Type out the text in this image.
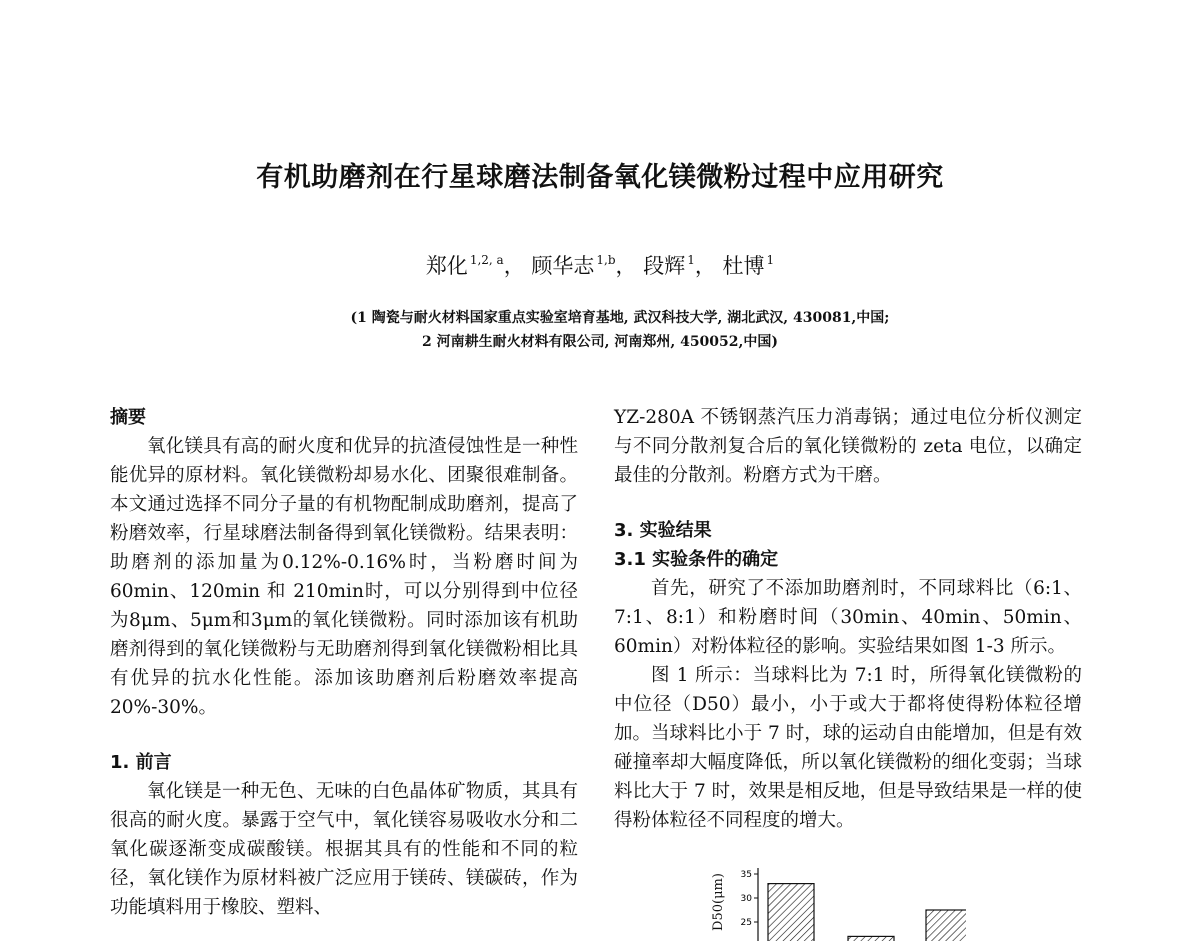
有机助磨剂在行星球磨法制备氧化镁微粉过程中应用研究
郑化 $^{1,2, a}$， 顾华志 $^{1,b}$， 段辉 $^1$， 杜博 $^1$
(1 陶瓷与耐火材料国家重点实验室培育基地, 武汉科技大学, 湖北武汉, 430081,中国;
2 河南耕生耐火材料有限公司, 河南郑州, 450052,中国)

摘要

氧化镁具有高的耐火度和优异的抗渣侵蚀性是一种性能优异的原材料。氧化镁微粉却易水化、团聚很难制备。本文通过选择不同分子量的有机物配制成助磨剂，提高了粉磨效率，行星球磨法制备得到氧化镁微粉。结果表明：助磨剂的添加量为0.12%-0.16%时，当粉磨时间为 60min、120min 和 210min时，可以分别得到中位径为8μm、5μm和3μm的氧化镁微粉。同时添加该有机助磨剂得到的氧化镁微粉与无助磨剂得到氧化镁微粉相比具有优异的抗水化性能。添加该助磨剂后粉磨效率提高20%-30%。

1. 前言

氧化镁是一种无色、无味的白色晶体矿物质，其具有很高的耐火度。暴露于空气中，氧化镁容易吸收水分和二氧化碳逐渐变成碳酸镁。根据其具有的性能和不同的粒径，氧化镁作为原材料被广泛应用于镁砖、镁碳砖，作为功能填料用于橡胶、塑料、

YZ-280A 不锈钢蒸汽压力消毒锅；通过电位分析仪测定与不同分散剂复合后的氧化镁微粉的 zeta 电位，以确定最佳的分散剂。粉磨方式为干磨。

3. 实验结果

3.1 实验条件的确定

首先，研究了不添加助磨剂时，不同球料比（6:1、7:1、8:1）和粉磨时间（30min、40min、50min、60min）对粉体粒径的影响。实验结果如图 1-3 所示。

图 1 所示：当球料比为 7:1 时，所得氧化镁微粉的中位径（D50）最小，小于或大于都将使得粉体粒径增加。当球料比小于 7 时，球的运动自由能增加，但是有效碰撞率却大幅度降低，所以氧化镁微粉的细化变弱；当球料比大于 7 时，效果是相反地，但是导致结果是一样的使得粉体粒径不同程度的增大。

D50(μm) 35
30
25
